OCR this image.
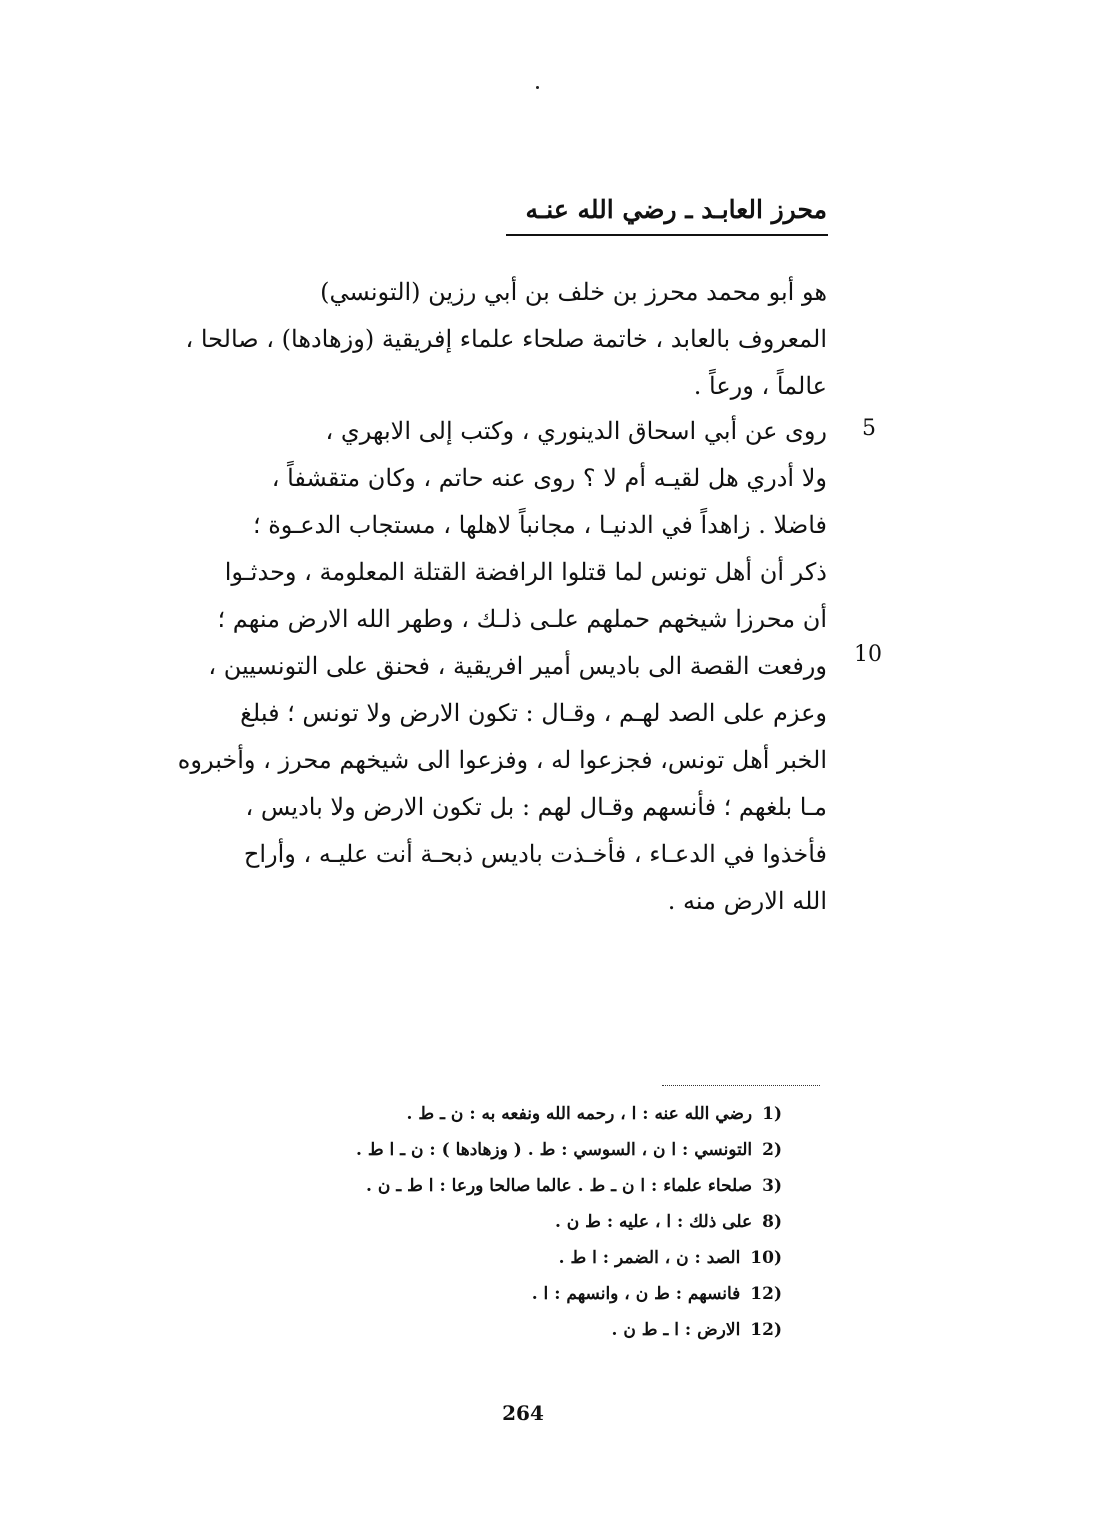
محرز العابـد ـ رضي الله عنـه
هو أبو محمد محرز بن خلف بن أبي رزين (التونسي)
المعروف بالعابد ، خاتمة صلحاء علماء إفريقية (وزهادها) ، صالحا ،
عالماً ، ورعاً .
5
10
روى عن أبي اسحاق الدينوري ، وكتب إلى الابهري ،
ولا أدري هل لقيـه أم لا ؟ روى عنه حاتم ، وكان متقشفاً ،
فاضلا . زاهداً في الدنيـا ، مجانباً لاهلها ، مستجاب الدعـوة ؛
ذكر أن أهل تونس لما قتلوا الرافضة القتلة المعلومة ، وحدثـوا
أن محرزا شيخهم حملهم علـى ذلـك ، وطهر الله الارض منهم ؛
ورفعت القصة الى باديس أمير افريقية ، فحنق على التونسيين ،
وعزم على الصد لهـم ، وقـال : تكون الارض ولا تونس ؛ فبلغ
الخبر أهل تونس، فجزعوا له ، وفزعوا الى شيخهم محرز ، وأخبروه
مـا بلغهم ؛ فأنسهم وقـال لهم : بل تكون الارض ولا باديس ،
فأخذوا في الدعـاء ، فأخـذت باديس ذبحـة أنت عليـه ، وأراح
الله الارض منه .
1)رضي الله عنه : ا ، رحمه الله ونفعه به : ن ـ ط .
2)التونسي : ا ن ، السوسي : ط . ( وزهادها ) : ن ـ ا ط .
3)صلحاء علماء : ا ن ـ ط . عالما صالحا ورعا : ا ط ـ ن .
8)على ذلك : ا ، عليه : ط ن .
10)الصد : ن ، الضمر : ا ط .
12)فانسهم : ط ن ، وانسهم : ا .
12)الارض : ا ـ ط ن .
264
